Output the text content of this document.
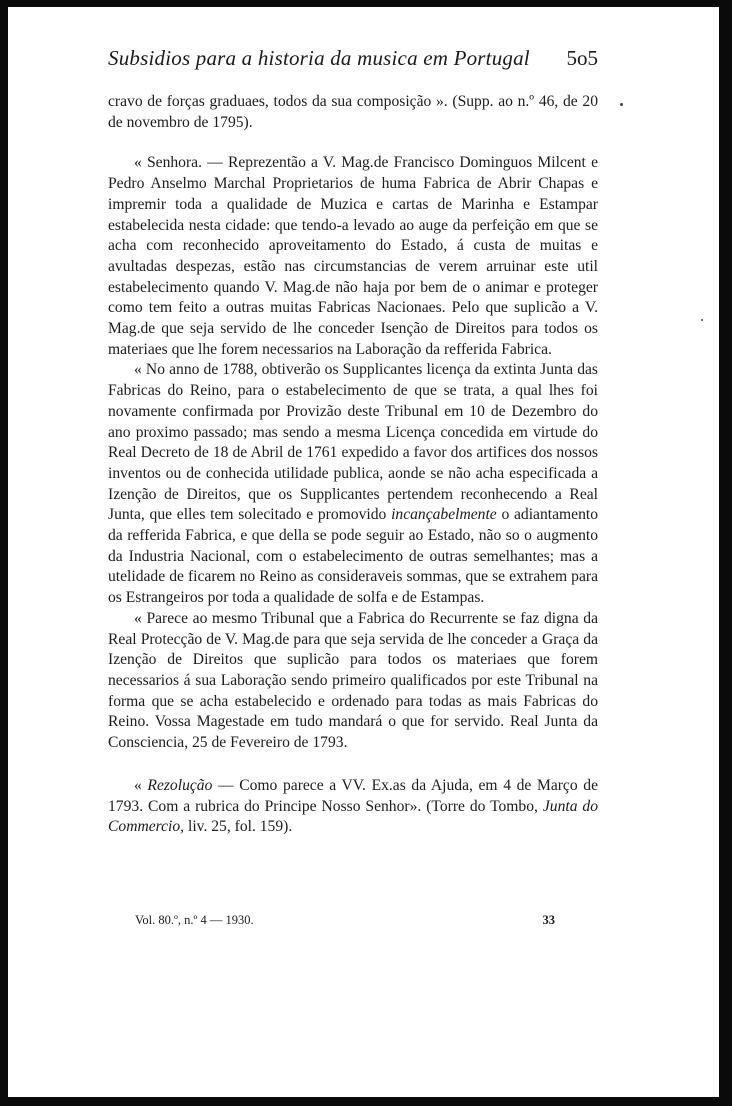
Subsidios para a historia da musica em Portugal 5o5

cravo de forças graduaes, todos da sua composição ». (Supp. ao n.º 46, de 20 de novembro de 1795).

« Senhora. — Reprezentão a V. Mag.de Francisco Dominguos Milcent e Pedro Anselmo Marchal Proprietarios de huma Fabrica de Abrir Chapas e impremir toda a qualidade de Muzica e cartas de Marinha e Estampar estabelecida nesta cidade: que tendo-a levado ao auge da perfeição em que se acha com reconhecido aproveitamento do Estado, á custa de muitas e avultadas despezas, estão nas circumstancias de verem arruinar este util estabelecimento quando V. Mag.de não haja por bem de o animar e proteger como tem feito a outras muitas Fabricas Nacionaes. Pelo que suplicão a V. Mag.de que seja servido de lhe conceder Isenção de Direitos para todos os materiaes que lhe forem necessarios na Laboração da refferida Fabrica.

« No anno de 1788, obtiverão os Supplicantes licença da extinta Junta das Fabricas do Reino, para o estabelecimento de que se trata, a qual lhes foi novamente confirmada por Provizão deste Tribunal em 10 de Dezembro do ano proximo passado; mas sendo a mesma Licença concedida em virtude do Real Decreto de 18 de Abril de 1761 expedido a favor dos artifices dos nossos inventos ou de conhecida utilidade publica, aonde se não acha especificada a Izenção de Direitos, que os Supplicantes pertendem reconhecendo a Real Junta, que elles tem solecitado e promovido incançabelmente o adiantamento da refferida Fabrica, e que della se pode seguir ao Estado, não so o augmento da Industria Nacional, com o estabelecimento de outras semelhantes; mas a utelidade de ficarem no Reino as consideraveis sommas, que se extrahem para os Estrangeiros por toda a qualidade de solfa e de Estampas.

« Parece ao mesmo Tribunal que a Fabrica do Recurrente se faz digna da Real Protecção de V. Mag.de para que seja servida de lhe conceder a Graça da Izenção de Direitos que suplicão para todos os materiaes que forem necessarios á sua Laboração sendo primeiro qualificados por este Tribunal na forma que se acha estabelecido e ordenado para todas as mais Fabricas do Reino. Vossa Magestade em tudo mandará o que for servido. Real Junta da Consciencia, 25 de Fevereiro de 1793.

« Rezolução — Como parece a VV. Ex.as da Ajuda, em 4 de Março de 1793. Com a rubrica do Principe Nosso Senhor». (Torre do Tombo, Junta do Commercio, liv. 25, fol. 159).

Vol. 80.º, n.º 4 — 1930.	33
